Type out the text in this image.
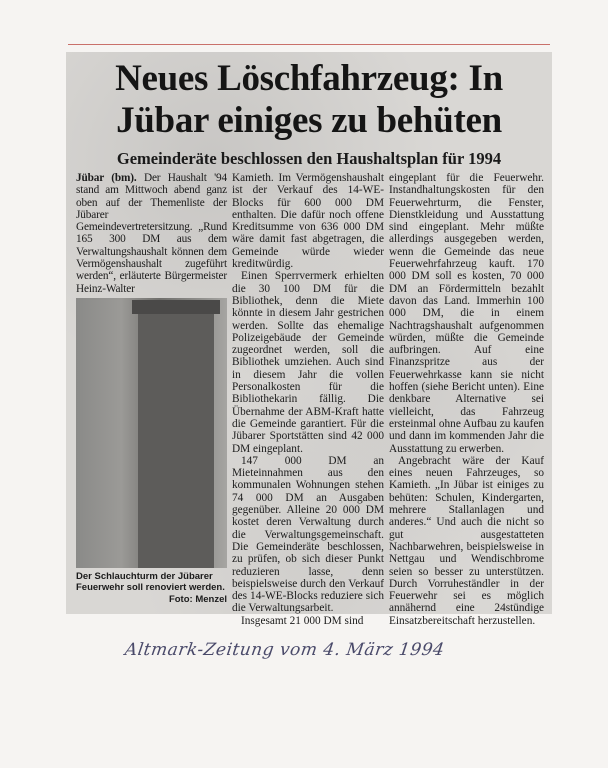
Neues Löschfahrzeug: In Jübar einiges zu behüten
Gemeinderäte beschlossen den Haushaltsplan für 1994

Jübar (bm). Der Haushalt '94 stand am Mittwoch abend ganz oben auf der Themenliste der Jübarer Gemeindevertretersitzung. „Rund 165 300 DM aus dem Verwaltungshaushalt können dem Vermögenshaushalt zugeführt werden“, erläuterte Bürgermeister Heinz-Walter

Der Schlauchturm der Jübarer Feuerwehr soll renoviert werden.
Foto: Menzel

Kamieth. Im Vermögenshaushalt ist der Verkauf des 14-WE-Blocks für 600 000 DM enthalten. Die dafür noch offene Kreditsumme von 636 000 DM wäre damit fast abgetragen, die Gemeinde würde wieder kreditwürdig.

Einen Sperrvermerk erhielten die 30 100 DM für die Bibliothek, denn die Miete könnte in diesem Jahr gestrichen werden. Sollte das ehemalige Polizeigebäude der Gemeinde zugeordnet werden, soll die Bibliothek umziehen. Auch sind in diesem Jahr die vollen Personalkosten für die Bibliothekarin fällig. Die Übernahme der ABM-Kraft hatte die Gemeinde garantiert. Für die Jübarer Sportstätten sind 42 000 DM eingeplant.

147 000 DM an Mieteinnahmen aus den kommunalen Wohnungen stehen 74 000 DM an Ausgaben gegenüber. Alleine 20 000 DM kostet deren Verwaltung durch die Verwaltungsgemeinschaft. Die Gemeinderäte beschlossen, zu prüfen, ob sich dieser Punkt reduzieren lasse, denn beispielsweise durch den Verkauf des 14-WE-Blocks reduziere sich die Verwaltungsarbeit.

Insgesamt 21 000 DM sind

eingeplant für die Feuerwehr. Instandhaltungskosten für den Feuerwehrturm, die Fenster, Dienstkleidung und Ausstattung sind eingeplant. Mehr müßte allerdings ausgegeben werden, wenn die Gemeinde das neue Feuerwehrfahrzeug kauft. 170 000 DM soll es kosten, 70 000 DM an Fördermitteln bezahlt davon das Land. Immerhin 100 000 DM, die in einem Nachtragshaushalt aufgenommen würden, müßte die Gemeinde aufbringen. Auf eine Finanzspritze aus der Feuerwehrkasse kann sie nicht hoffen (siehe Bericht unten). Eine denkbare Alternative sei vielleicht, das Fahrzeug ersteinmal ohne Aufbau zu kaufen und dann im kommenden Jahr die Ausstattung zu erwerben.

Angebracht wäre der Kauf eines neuen Fahrzeuges, so Kamieth. „In Jübar ist einiges zu behüten: Schulen, Kindergarten, mehrere Stallanlagen und anderes.“ Und auch die nicht so gut ausgestatteten Nachbarwehren, beispielsweise in Nettgau und Wendischbrome seien so besser zu unterstützen. Durch Vorruheständler in der Feuerwehr sei es möglich annähernd eine 24stündige Einsatzbereitschaft herzustellen.

Altmark-Zeitung vom 4. März 1994
